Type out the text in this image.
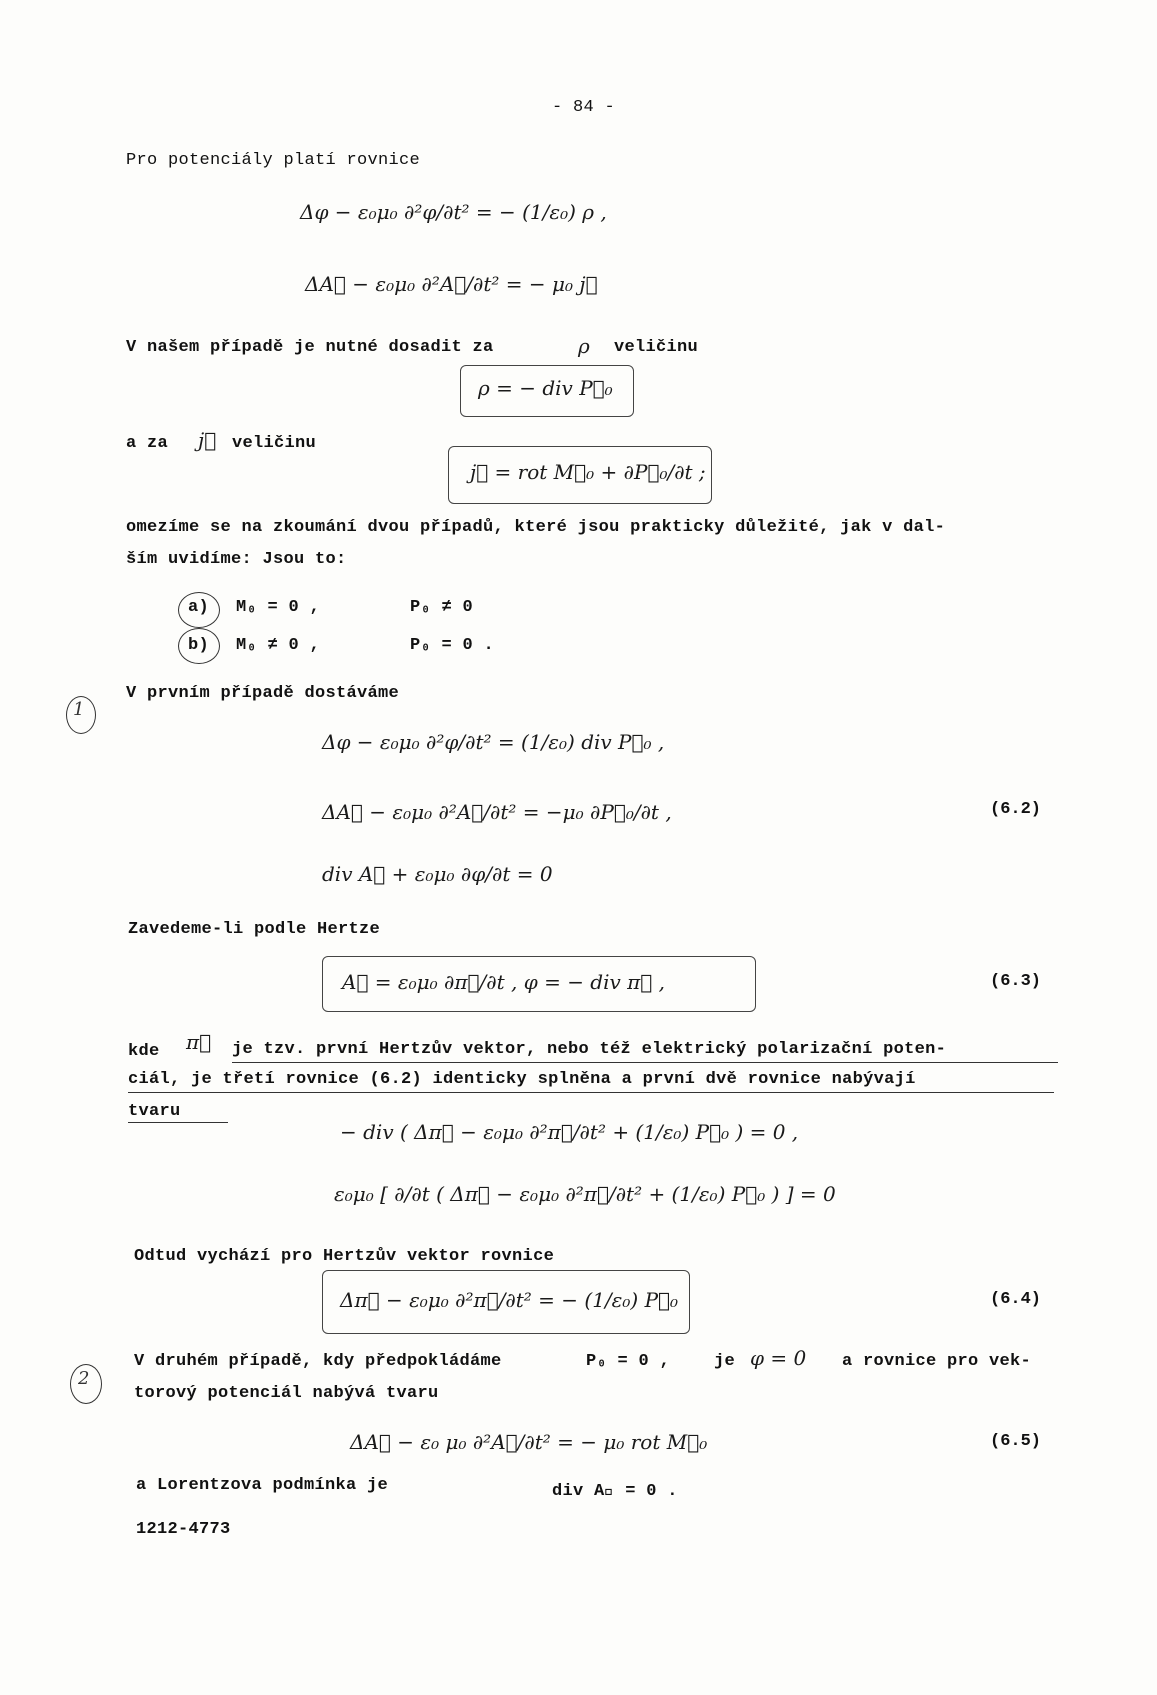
- 84 -
Pro potenciály platí rovnice
Δφ − ε₀μ₀ ∂²φ/∂t² = − (1/ε₀) ρ ,
ΔA⃗ − ε₀μ₀ ∂²A⃗/∂t² = − μ₀ j⃗
V našem případě je nutné dosadit za	ρ veličinu
ρ = − div P⃗₀
a za j⃗ veličinu
j⃗ = rot M⃗₀ + ∂P⃗₀/∂t ;
omezíme se na zkoumání dvou případů, které jsou prakticky důležité, jak v dal-
ším uvidíme: Jsou to:
a) M₀ = 0 ,	P₀ ≠ 0
b) M₀ ≠ 0 ,	P₀ = 0 .
1
V prvním případě dostáváme
Δφ − ε₀μ₀ ∂²φ/∂t² = (1/ε₀) div P⃗₀ ,
ΔA⃗ − ε₀μ₀ ∂²A⃗/∂t² = −μ₀ ∂P⃗₀/∂t ,	(6.2)
div A⃗ + ε₀μ₀ ∂φ/∂t = 0
Zavedeme-li podle Hertze
A⃗ = ε₀μ₀ ∂π⃗/∂t , φ = − div π⃗ ,	(6.3)
kde π⃗ je tzv. první Hertzův vektor, nebo též elektrický polarizační poten-
ciál, je třetí rovnice (6.2) identicky splněna a první dvě rovnice nabývají
tvaru
− div ( Δπ⃗ − ε₀μ₀ ∂²π⃗/∂t² + (1/ε₀) P⃗₀ ) = 0 ,
ε₀μ₀ [ ∂/∂t ( Δπ⃗ − ε₀μ₀ ∂²π⃗/∂t² + (1/ε₀) P⃗₀ ) ] = 0
Odtud vychází pro Hertzův vektor rovnice
Δπ⃗ − ε₀μ₀ ∂²π⃗/∂t² = − (1/ε₀) P⃗₀	(6.4)
2
V druhém případě, kdy předpokládáme	P₀ = 0 ,	je φ = 0 a rovnice pro vek-
torový potenciál nabývá tvaru
ΔA⃗ − ε₀ μ₀ ∂²A⃗/∂t² = − μ₀ rot M⃗₀	(6.5)
a Lorentzova podmínka je	div A⃗ = 0 .
1212-4773
